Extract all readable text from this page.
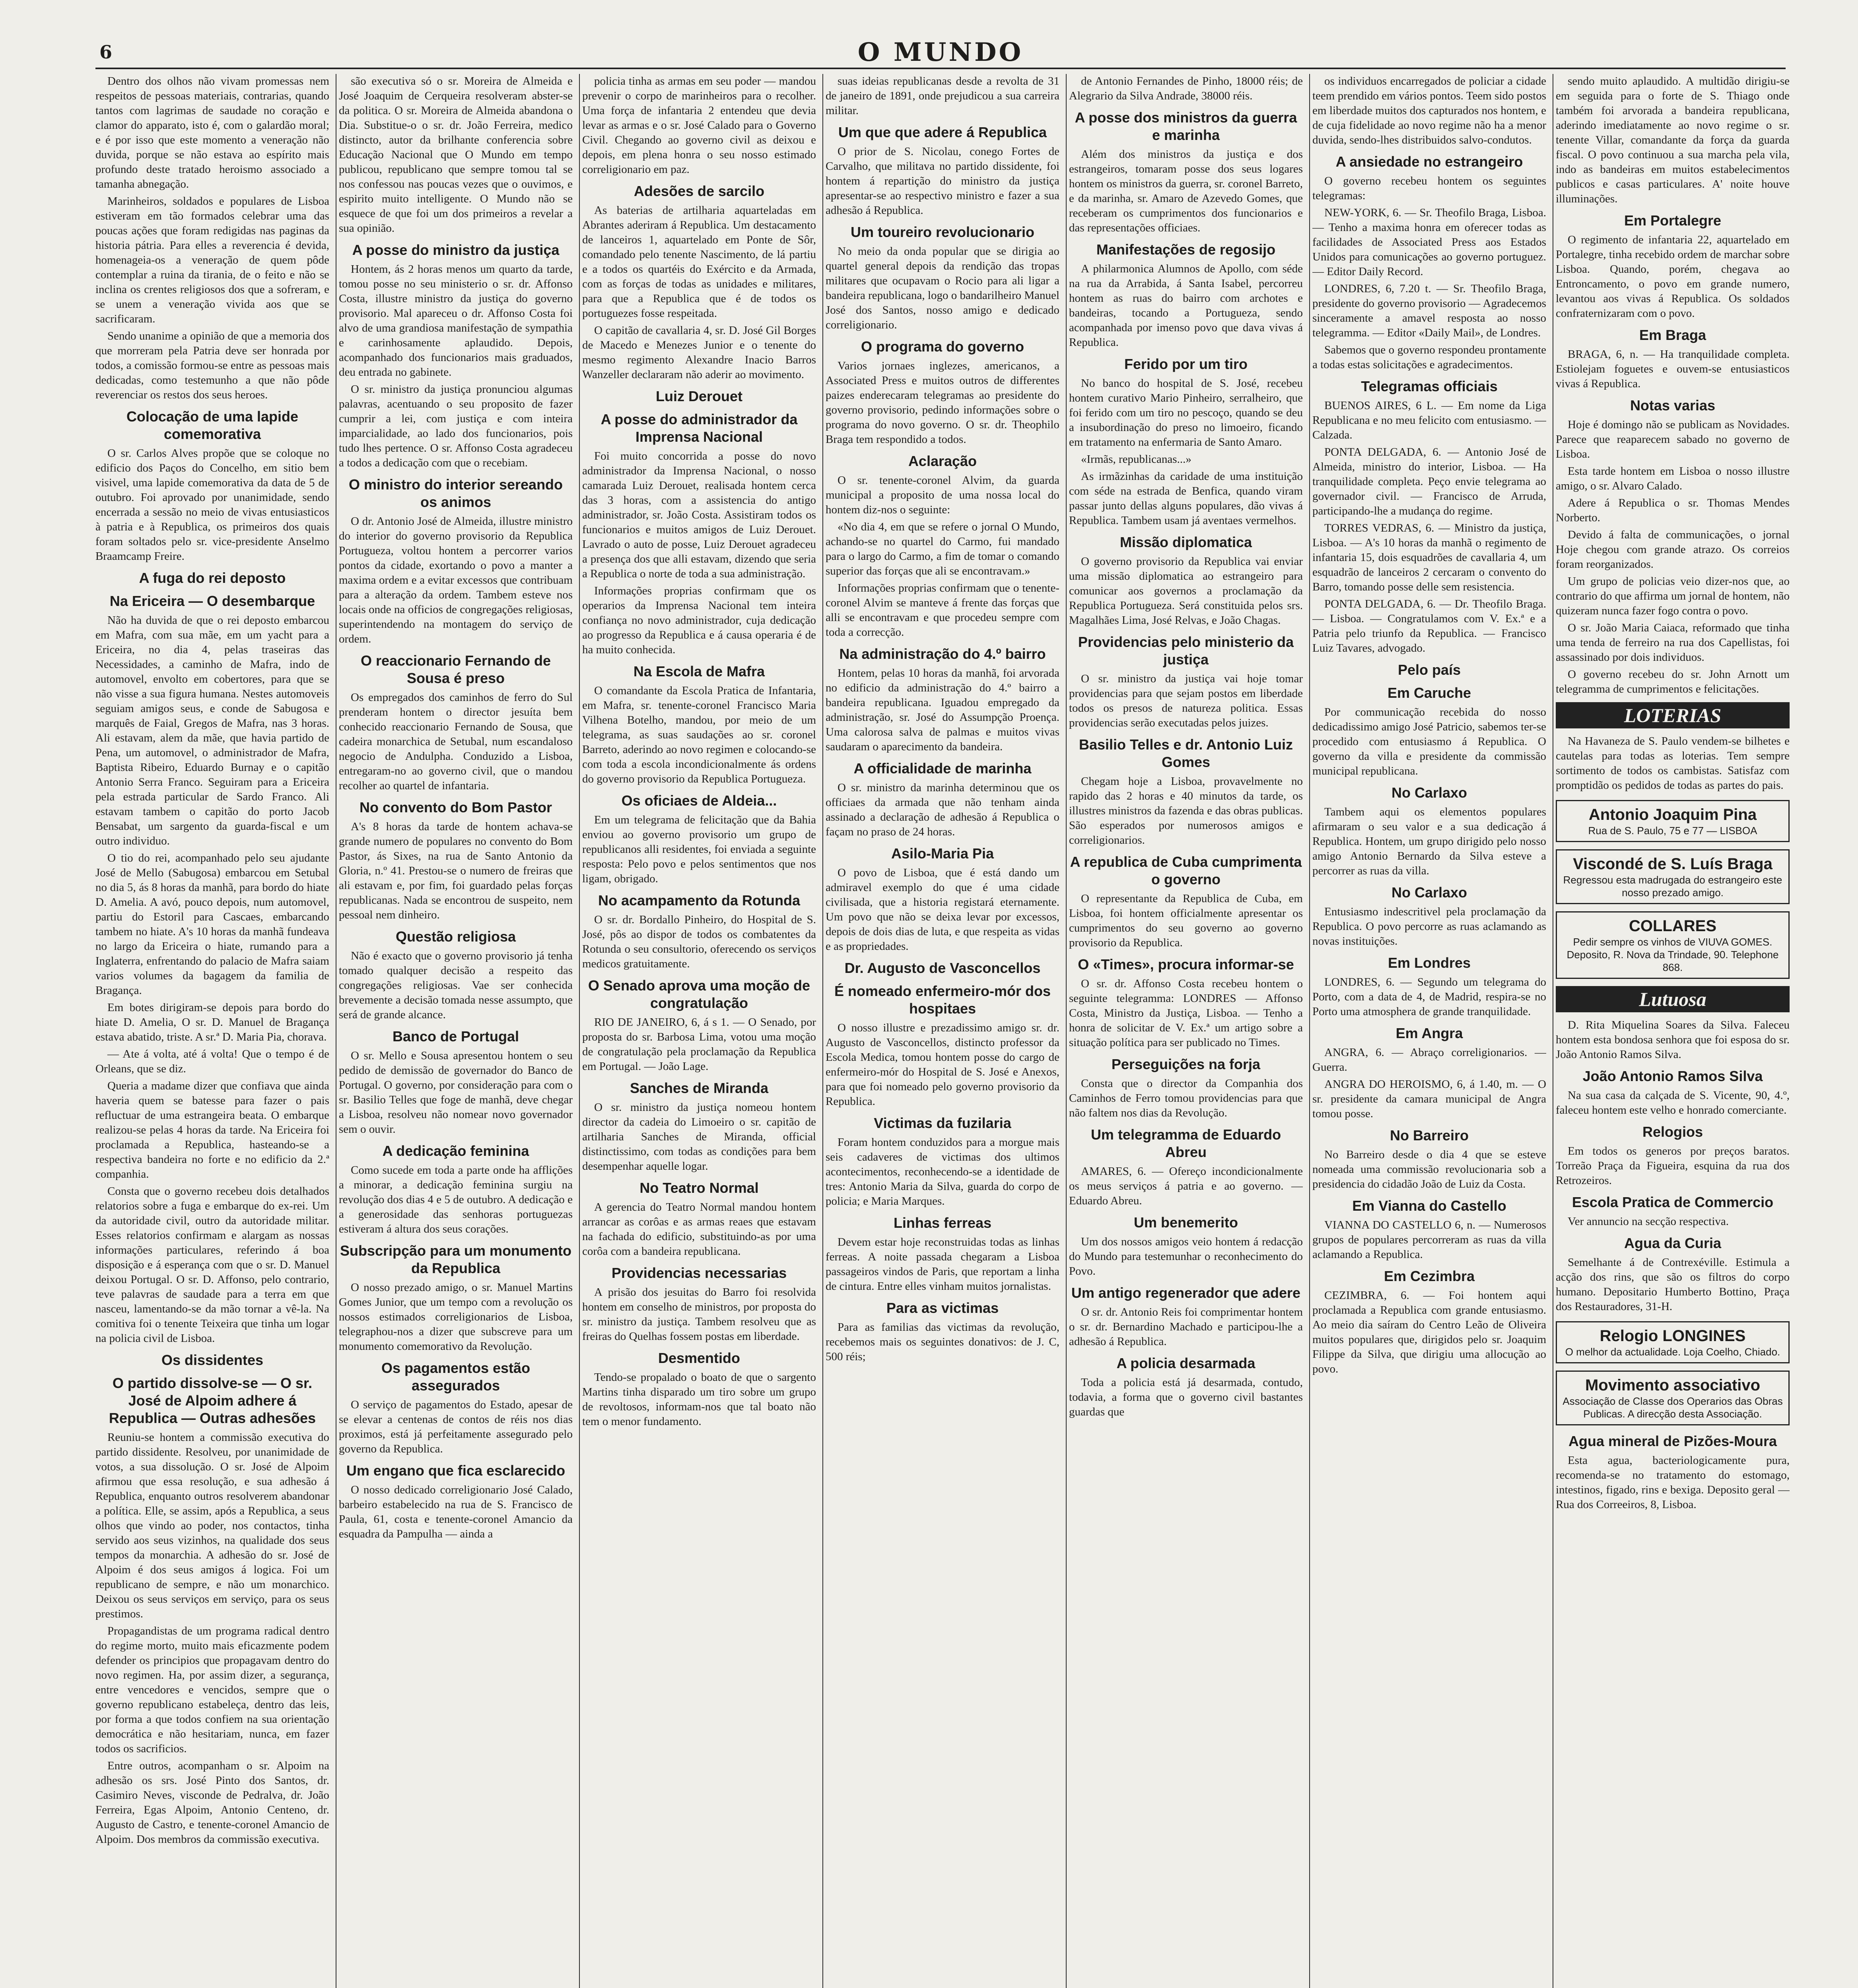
6	O MUNDO

Dentro dos olhos não vivam promessas nem respeitos de pessoas materiais, contrarias, quando tantos com lagrimas de saudade no coração e clamor do apparato, isto é, com o galardão moral; e é por isso que este momento a veneração não duvida, porque se não estava ao espírito mais profundo deste tratado heroismo associado a tamanha abnegação.

Marinheiros, soldados e populares de Lisboa estiveram em tão formados celebrar uma das poucas ações que foram redigidas nas paginas da historia pátria. Para elles a reverencia é devida, homenageia-os a veneração de quem pôde contemplar a ruina da tirania, de o feito e não se inclina os crentes religiosos dos que a sofreram, e se unem a veneração vivida aos que se sacrificaram.

Sendo unanime a opinião de que a memoria dos que morreram pela Patria deve ser honrada por todos, a comissão formou-se entre as pessoas mais dedicadas, como testemunho a que não pôde reverenciar os restos dos seus heroes.

Colocação de uma lapide comemorativa

O sr. Carlos Alves propõe que se coloque no edificio dos Paços do Concelho, em sitio bem visivel, uma lapide comemorativa da data de 5 de outubro. Foi aprovado por unanimidade, sendo encerrada a sessão no meio de vivas entusiasticos à patria e à Republica, os primeiros dos quais foram soltados pelo sr. vice-presidente Anselmo Braamcamp Freire.

A fuga do rei deposto
Na Ericeira — O desembarque

Não ha duvida de que o rei deposto embarcou em Mafra, com sua mãe, em um yacht para a Ericeira, no dia 4, pelas traseiras das Necessidades, a caminho de Mafra, indo de automovel, envolto em cobertores, para que se não visse a sua figura humana. Nestes automoveis seguiam amigos seus, e conde de Sabugosa e marquês de Faial, Gregos de Mafra, nas 3 horas. Ali estavam, alem da mãe, que havia partido de Pena, um automovel, o administrador de Mafra, Baptista Ribeiro, Eduardo Burnay e o capitão Antonio Serra Franco. Seguiram para a Ericeira pela estrada particular de Sardo Franco. Ali estavam tambem o capitão do porto Jacob Bensabat, um sargento da guarda-fiscal e um outro individuo.

O tio do rei, acompanhado pelo seu ajudante José de Mello (Sabugosa) embarcou em Setubal no dia 5, ás 8 horas da manhã, para bordo do hiate D. Amelia. A avó, pouco depois, num automovel, partiu do Estoril para Cascaes, embarcando tambem no hiate. A's 10 horas da manhã fundeava no largo da Ericeira o hiate, rumando para a Inglaterra, enfrentando do palacio de Mafra saiam varios volumes da bagagem da familia de Bragança.

Em botes dirigiram-se depois para bordo do hiate D. Amelia, O sr. D. Manuel de Bragança estava abatido, triste. A sr.ª D. Maria Pia, chorava.

— Ate á volta, até á volta! Que o tempo é de Orleans, que se diz.

Queria a madame dizer que confiava que ainda haveria quem se batesse para fazer o pais refluctuar de uma estrangeira beata. O embarque realizou-se pelas 4 horas da tarde. Na Ericeira foi proclamada a Republica, hasteando-se a respectiva bandeira no forte e no edificio da 2.ª companhia.

Consta que o governo recebeu dois detalhados relatorios sobre a fuga e embarque do ex-rei. Um da autoridade civil, outro da autoridade militar. Esses relatorios confirmam e alargam as nossas informações particulares, referindo á boa disposição e á esperança com que o sr. D. Manuel deixou Portugal. O sr. D. Affonso, pelo contrario, teve palavras de saudade para a terra em que nasceu, lamentando-se da mão tornar a vê-la. Na comitiva foi o tenente Teixeira que tinha um logar na policia civil de Lisboa.

Os dissidentes
O partido dissolve-se — O sr. José de Alpoim adhere á Republica — Outras adhesões

Reuniu-se hontem a commissão executiva do partido dissidente. Resolveu, por unanimidade de votos, a sua dissolução. O sr. José de Alpoim afirmou que essa resolução, e sua adhesão á Republica, enquanto outros resolverem abandonar a política. Elle, se assim, após a Republica, a seus olhos que vindo ao poder, nos contactos, tinha servido aos seus vizinhos, na qualidade dos seus tempos da monarchia. A adhesão do sr. José de Alpoim é dos seus amigos á logica. Foi um republicano de sempre, e não um monarchico. Deixou os seus serviços em serviço, para os seus prestimos.

Propagandistas de um programa radical dentro do regime morto, muito mais eficazmente podem defender os principios que propagavam dentro do novo regimen. Ha, por assim dizer, a segurança, entre vencedores e vencidos, sempre que o governo republicano estabeleça, dentro das leis, por forma a que todos confiem na sua orientação democrática e não hesitariam, nunca, em fazer todos os sacrificios.

Entre outros, acompanham o sr. Alpoim na adhesão os srs. José Pinto dos Santos, dr. Casimiro Neves, visconde de Pedralva, dr. João Ferreira, Egas Alpoim, Antonio Centeno, dr. Augusto de Castro, e tenente-coronel Amancio de Alpoim. Dos membros da commissão executiva.

são executiva só o sr. Moreira de Almeida e José Joaquim de Cerqueira resolveram abster-se da politica. O sr. Moreira de Almeida abandona o Dia. Substitue-o o sr. dr. João Ferreira, medico distincto, autor da brilhante conferencia sobre Educação Nacional que O Mundo em tempo publicou, republicano que sempre tomou tal se nos confessou nas poucas vezes que o ouvimos, e espirito muito intelligente. O Mundo não se esquece de que foi um dos primeiros a revelar a sua opinião.

A posse do ministro da justiça

Hontem, ás 2 horas menos um quarto da tarde, tomou posse no seu ministerio o sr. dr. Affonso Costa, illustre ministro da justiça do governo provisorio. Mal apareceu o dr. Affonso Costa foi alvo de uma grandiosa manifestação de sympathia e carinhosamente aplaudido. Depois, acompanhado dos funcionarios mais graduados, deu entrada no gabinete.

O sr. ministro da justiça pronunciou algumas palavras, acentuando o seu proposito de fazer cumprir a lei, com justiça e com inteira imparcialidade, ao lado dos funcionarios, pois tudo lhes pertence. O sr. Affonso Costa agradeceu a todos a dedicação com que o recebiam.

O ministro do interior sereando os animos

O dr. Antonio José de Almeida, illustre ministro do interior do governo provisorio da Republica Portugueza, voltou hontem a percorrer varios pontos da cidade, exortando o povo a manter a maxima ordem e a evitar excessos que contribuam para a alteração da ordem. Tambem esteve nos locais onde na officios de congregações religiosas, superintendendo na montagem do serviço de ordem.

O reaccionario Fernando de Sousa é preso

Os empregados dos caminhos de ferro do Sul prenderam hontem o director jesuíta bem conhecido reaccionario Fernando de Sousa, que cadeira monarchica de Setubal, num escandaloso negocio de Andulpha. Conduzido a Lisboa, entregaram-no ao governo civil, que o mandou recolher ao quartel de infantaria.

No convento do Bom Pastor

A's 8 horas da tarde de hontem achava-se grande numero de populares no convento do Bom Pastor, ás Sixes, na rua de Santo Antonio da Gloria, n.º 41. Prestou-se o numero de freiras que ali estavam e, por fim, foi guardado pelas forças republicanas. Nada se encontrou de suspeito, nem pessoal nem dinheiro.

Questão religiosa

Não é exacto que o governo provisorio já tenha tomado qualquer decisão a respeito das congregações religiosas. Vae ser conhecida brevemente a decisão tomada nesse assumpto, que será de grande alcance.

Banco de Portugal

O sr. Mello e Sousa apresentou hontem o seu pedido de demissão de governador do Banco de Portugal. O governo, por consideração para com o sr. Basilio Telles que foge de manhã, deve chegar a Lisboa, resolveu não nomear novo governador sem o ouvir.

A dedicação feminina

Como sucede em toda a parte onde ha afflições a minorar, a dedicação feminina surgiu na revolução dos dias 4 e 5 de outubro. A dedicação e a generosidade das senhoras portuguezas estiveram á altura dos seus corações.

Subscripção para um monumento da Republica

O nosso prezado amigo, o sr. Manuel Martins Gomes Junior, que um tempo com a revolução os nossos estimados correligionarios de Lisboa, telegraphou-nos a dizer que subscreve para um monumento comemorativo da Revolução.

Os pagamentos estão assegurados

O serviço de pagamentos do Estado, apesar de se elevar a centenas de contos de réis nos dias proximos, está já perfeitamente assegurado pelo governo da Republica.

Um engano que fica esclarecido

O nosso dedicado correligionario José Calado, barbeiro estabelecido na rua de S. Francisco de Paula, 61, costa e tenente-coronel Amancio da esquadra da Pampulha — ainda a

policia tinha as armas em seu poder — mandou prevenir o corpo de marinheiros para o recolher. Uma força de infantaria 2 entendeu que devia levar as armas e o sr. José Calado para o Governo Civil. Chegando ao governo civil as deixou e depois, em plena honra o seu nosso estimado correligionario em paz.

Adesões de sarcilo

As baterias de artilharia aquarteladas em Abrantes aderiram á Republica. Um destacamento de lanceiros 1, aquartelado em Ponte de Sôr, comandado pelo tenente Nascimento, de lá partiu e a todos os quartéis do Exército e da Armada, com as forças de todas as unidades e militares, para que a Republica que é de todos os portuguezes fosse respeitada.

O capitão de cavallaria 4, sr. D. José Gil Borges de Macedo e Menezes Junior e o tenente do mesmo regimento Alexandre Inacio Barros Wanzeller declararam não aderir ao movimento.

Luiz Derouet
A posse do administrador da Imprensa Nacional

Foi muito concorrida a posse do novo administrador da Imprensa Nacional, o nosso camarada Luiz Derouet, realisada hontem cerca das 3 horas, com a assistencia do antigo administrador, sr. João Costa. Assistiram todos os funcionarios e muitos amigos de Luiz Derouet. Lavrado o auto de posse, Luiz Derouet agradeceu a presença dos que alli estavam, dizendo que seria a Republica o norte de toda a sua administração.

Informações proprias confirmam que os operarios da Imprensa Nacional tem inteira confiança no novo administrador, cuja dedicação ao progresso da Republica e á causa operaria é de ha muito conhecida.

Na Escola de Mafra

O comandante da Escola Pratica de Infantaria, em Mafra, sr. tenente-coronel Francisco Maria Vilhena Botelho, mandou, por meio de um telegrama, as suas saudações ao sr. coronel Barreto, aderindo ao novo regimen e colocando-se com toda a escola incondicionalmente ás ordens do governo provisorio da Republica Portugueza.

Os oficiaes de Aldeia...

Em um telegrama de felicitação que da Bahia enviou ao governo provisorio um grupo de republicanos alli residentes, foi enviada a seguinte resposta: Pelo povo e pelos sentimentos que nos ligam, obrigado.

No acampamento da Rotunda

O sr. dr. Bordallo Pinheiro, do Hospital de S. José, pôs ao dispor de todos os combatentes da Rotunda o seu consultorio, oferecendo os serviços medicos gratuitamente.

O Senado aprova uma moção de congratulação

RIO DE JANEIRO, 6, á s 1. — O Senado, por proposta do sr. Barbosa Lima, votou uma moção de congratulação pela proclamação da Republica em Portugal. — João Lage.

Sanches de Miranda

O sr. ministro da justiça nomeou hontem director da cadeia do Limoeiro o sr. capitão de artilharia Sanches de Miranda, official distinctissimo, com todas as condições para bem desempenhar aquelle logar.

No Teatro Normal

A gerencia do Teatro Normal mandou hontem arrancar as corôas e as armas reaes que estavam na fachada do edificio, substituindo-as por uma corôa com a bandeira republicana.

Providencias necessarias

A prisão dos jesuitas do Barro foi resolvida hontem em conselho de ministros, por proposta do sr. ministro da justiça. Tambem resolveu que as freiras do Quelhas fossem postas em liberdade.

Desmentido

Tendo-se propalado o boato de que o sargento Martins tinha disparado um tiro sobre um grupo de revoltosos, informam-nos que tal boato não tem o menor fundamento.

suas ideias republicanas desde a revolta de 31 de janeiro de 1891, onde prejudicou a sua carreira militar.

Um que que adere á Republica

O prior de S. Nicolau, conego Fortes de Carvalho, que militava no partido dissidente, foi hontem á repartição do ministro da justiça apresentar-se ao respectivo ministro e fazer a sua adhesão á Republica.

Um toureiro revolucionario

No meio da onda popular que se dirigia ao quartel general depois da rendição das tropas militares que ocupavam o Rocio para ali ligar a bandeira republicana, logo o bandarilheiro Manuel José dos Santos, nosso amigo e dedicado correligionario.

O programa do governo

Varios jornaes inglezes, americanos, a Associated Press e muitos outros de differentes paizes enderecaram telegramas ao presidente do governo provisorio, pedindo informações sobre o programa do novo governo. O sr. dr. Theophilo Braga tem respondido a todos.

Aclaração

O sr. tenente-coronel Alvim, da guarda municipal a proposito de uma nossa local do hontem diz-nos o seguinte:

«No dia 4, em que se refere o jornal O Mundo, achando-se no quartel do Carmo, fui mandado para o largo do Carmo, a fim de tomar o comando superior das forças que ali se encontravam.»

Informações proprias confirmam que o tenente-coronel Alvim se manteve á frente das forças que alli se encontravam e que procedeu sempre com toda a correcção.

Na administração do 4.º bairro

Hontem, pelas 10 horas da manhã, foi arvorada no edificio da administração do 4.º bairro a bandeira republicana. Iguadou empregado da administração, sr. José do Assumpção Proença. Uma calorosa salva de palmas e muitos vivas saudaram o aparecimento da bandeira.

A officialidade de marinha

O sr. ministro da marinha determinou que os officiaes da armada que não tenham ainda assinado a declaração de adhesão á Republica o façam no praso de 24 horas.

Asilo-Maria Pia

O povo de Lisboa, que é está dando um admiravel exemplo do que é uma cidade civilisada, que a historia registará eternamente. Um povo que não se deixa levar por excessos, depois de dois dias de luta, e que respeita as vidas e as propriedades.

Dr. Augusto de Vasconcellos
É nomeado enfermeiro-mór dos hospitaes

O nosso illustre e prezadissimo amigo sr. dr. Augusto de Vasconcellos, distincto professor da Escola Medica, tomou hontem posse do cargo de enfermeiro-mór do Hospital de S. José e Anexos, para que foi nomeado pelo governo provisorio da Republica.

Victimas da fuzilaria

Foram hontem conduzidos para a morgue mais seis cadaveres de victimas dos ultimos acontecimentos, reconhecendo-se a identidade de tres: Antonio Maria da Silva, guarda do corpo de policia; e Maria Marques.

Linhas ferreas

Devem estar hoje reconstruidas todas as linhas ferreas. A noite passada chegaram a Lisboa passageiros vindos de Paris, que reportam a linha de cintura. Entre elles vinham muitos jornalistas.

Para as victimas

Para as familias das victimas da revolução, recebemos mais os seguintes donativos: de J. C, 500 réis;

de Antonio Fernandes de Pinho, 18000 réis; de Alegrario da Silva Andrade, 38000 réis.

A posse dos ministros da guerra e marinha

Além dos ministros da justiça e dos estrangeiros, tomaram posse dos seus logares hontem os ministros da guerra, sr. coronel Barreto, e da marinha, sr. Amaro de Azevedo Gomes, que receberam os cumprimentos dos funcionarios e das representações officiaes.

Manifestações de regosijo

A philarmonica Alumnos de Apollo, com séde na rua da Arrabida, á Santa Isabel, percorreu hontem as ruas do bairro com archotes e bandeiras, tocando a Portugueza, sendo acompanhada por imenso povo que dava vivas á Republica.

Ferido por um tiro

No banco do hospital de S. José, recebeu hontem curativo Mario Pinheiro, serralheiro, que foi ferido com um tiro no pescoço, quando se deu a insubordinação do preso no limoeiro, ficando em tratamento na enfermaria de Santo Amaro.

«Irmãs, republicanas...»

As irmãzinhas da caridade de uma instituição com séde na estrada de Benfica, quando viram passar junto dellas alguns populares, dão vivas á Republica. Tambem usam já aventaes vermelhos.

Missão diplomatica

O governo provisorio da Republica vai enviar uma missão diplomatica ao estrangeiro para comunicar aos governos a proclamação da Republica Portugueza. Será constituida pelos srs. Magalhães Lima, José Relvas, e João Chagas.

Providencias pelo ministerio da justiça

O sr. ministro da justiça vai hoje tomar providencias para que sejam postos em liberdade todos os presos de natureza politica. Essas providencias serão executadas pelos juizes.

Basilio Telles e dr. Antonio Luiz Gomes

Chegam hoje a Lisboa, provavelmente no rapido das 2 horas e 40 minutos da tarde, os illustres ministros da fazenda e das obras publicas. São esperados por numerosos amigos e correligionarios.

A republica de Cuba cumprimenta o governo

O representante da Republica de Cuba, em Lisboa, foi hontem officialmente apresentar os cumprimentos do seu governo ao governo provisorio da Republica.

O «Times», procura informar-se

O sr. dr. Affonso Costa recebeu hontem o seguinte telegramma: LONDRES — Affonso Costa, Ministro da Justiça, Lisboa. — Tenho a honra de solicitar de V. Ex.ª um artigo sobre a situação política para ser publicado no Times.

Perseguições na forja

Consta que o director da Companhia dos Caminhos de Ferro tomou providencias para que não faltem nos dias da Revolução.

Um telegramma de Eduardo Abreu

AMARES, 6. — Ofereço incondicionalmente os meus serviços á patria e ao governo. — Eduardo Abreu.

Um benemerito

Um dos nossos amigos veio hontem á redacção do Mundo para testemunhar o reconhecimento do Povo.

Um antigo regenerador que adere

O sr. dr. Antonio Reis foi comprimentar hontem o sr. dr. Bernardino Machado e participou-lhe a adhesão á Republica.

A policia desarmada

Toda a policia está já desarmada, contudo, todavia, a forma que o governo civil bastantes guardas que

os individuos encarregados de policiar a cidade teem prendido em vários pontos. Teem sido postos em liberdade muitos dos capturados nos hontem, e de cuja fidelidade ao novo regime não ha a menor duvida, sendo-lhes distribuidos salvo-condutos.

A ansiedade no estrangeiro

O governo recebeu hontem os seguintes telegramas:

NEW-YORK, 6. — Sr. Theofilo Braga, Lisboa. — Tenho a maxima honra em oferecer todas as facilidades de Associated Press aos Estados Unidos para comunicações ao governo portuguez. — Editor Daily Record.

LONDRES, 6, 7.20 t. — Sr. Theofilo Braga, presidente do governo provisorio — Agradecemos sinceramente a amavel resposta ao nosso telegramma. — Editor «Daily Mail», de Londres.

Sabemos que o governo respondeu prontamente a todas estas solicitações e agradecimentos.

Telegramas officiais

BUENOS AIRES, 6 L. — Em nome da Liga Republicana e no meu felicito com entusiasmo. — Calzada.

PONTA DELGADA, 6. — Antonio José de Almeida, ministro do interior, Lisboa. — Ha tranquilidade completa. Peço envie telegrama ao governador civil. — Francisco de Arruda, participando-lhe a mudança do regime.

TORRES VEDRAS, 6. — Ministro da justiça, Lisboa. — A's 10 horas da manhã o regimento de infantaria 15, dois esquadrões de cavallaria 4, um esquadrão de lanceiros 2 cercaram o convento do Barro, tomando posse delle sem resistencia.

PONTA DELGADA, 6. — Dr. Theofilo Braga. — Lisboa. — Congratulamos com V. Ex.ª e a Patria pelo triunfo da Republica. — Francisco Luiz Tavares, advogado.

Pelo país
Em Caruche

Por communicação recebida do nosso dedicadissimo amigo José Patricio, sabemos ter-se procedido com entusiasmo á Republica. O governo da villa e presidente da commissão municipal republicana.

No Carlaxo

Tambem aqui os elementos populares afirmaram o seu valor e a sua dedicação á Republica. Hontem, um grupo dirigido pelo nosso amigo Antonio Bernardo da Silva esteve a percorrer as ruas da villa.

No Carlaxo

Entusiasmo indescritivel pela proclamação da Republica. O povo percorre as ruas aclamando as novas instituições.

Em Londres

LONDRES, 6. — Segundo um telegrama do Porto, com a data de 4, de Madrid, respira-se no Porto uma atmosphera de grande tranquilidade.

Em Angra

ANGRA, 6. — Abraço correligionarios. — Guerra.

ANGRA DO HEROISMO, 6, á 1.40, m. — O sr. presidente da camara municipal de Angra tomou posse.

No Barreiro

No Barreiro desde o dia 4 que se esteve nomeada uma commissão revolucionaria sob a presidencia do cidadão João de Luiz da Costa.

Em Vianna do Castello

VIANNA DO CASTELLO 6, n. — Numerosos grupos de populares percorreram as ruas da villa aclamando a Republica.

Em Cezimbra

CEZIMBRA, 6. — Foi hontem aqui proclamada a Republica com grande entusiasmo. Ao meio dia saíram do Centro Leão de Oliveira muitos populares que, dirigidos pelo sr. Joaquim Filippe da Silva, que dirigiu uma allocução ao povo.

sendo muito aplaudido. A multidão dirigiu-se em seguida para o forte de S. Thiago onde também foi arvorada a bandeira republicana, aderindo imediatamente ao novo regime o sr. tenente Villar, comandante da força da guarda fiscal. O povo continuou a sua marcha pela vila, indo as bandeiras em muitos estabelecimentos publicos e casas particulares. A' noite houve illuminações.

Em Portalegre

O regimento de infantaria 22, aquartelado em Portalegre, tinha recebido ordem de marchar sobre Lisboa. Quando, porém, chegava ao Entroncamento, o povo em grande numero, levantou aos vivas á Republica. Os soldados confraternizaram com o povo.

Em Braga

BRAGA, 6, n. — Ha tranquilidade completa. Estiolejam foguetes e ouvem-se entusiasticos vivas á Republica.

Notas varias

Hoje é domingo não se publicam as Novidades. Parece que reaparecem sabado no governo de Lisboa.

Esta tarde hontem em Lisboa o nosso illustre amigo, o sr. Alvaro Calado.

Adere á Republica o sr. Thomas Mendes Norberto.

Devido á falta de communicações, o jornal Hoje chegou com grande atrazo. Os correios foram reorganizados.

Um grupo de policias veio dizer-nos que, ao contrario do que affirma um jornal de hontem, não quizeram nunca fazer fogo contra o povo.

O sr. João Maria Caiaca, reformado que tinha uma tenda de ferreiro na rua dos Capellistas, foi assassinado por dois individuos.

O governo recebeu do sr. John Arnott um telegramma de cumprimentos e felicitações.

LOTERIAS

Na Havaneza de S. Paulo vendem-se bilhetes e cautelas para todas as loterias. Tem sempre sortimento de todos os cambistas. Satisfaz com promptidão os pedidos de todas as partes do pais.

Antonio Joaquim Pina
Rua de S. Paulo, 75 e 77 — LISBOA
Viscondé de S. Luís Braga
Regressou esta madrugada do estrangeiro este nosso prezado amigo.
COLLARES
Pedir sempre os vinhos de VIUVA GOMES. Deposito, R. Nova da Trindade, 90. Telephone 868.
Lutuosa

D. Rita Miquelina Soares da Silva. Faleceu hontem esta bondosa senhora que foi esposa do sr. João Antonio Ramos Silva.

João Antonio Ramos Silva

Na sua casa da calçada de S. Vicente, 90, 4.º, faleceu hontem este velho e honrado comerciante.

Relogios

Em todos os generos por preços baratos. Torreão Praça da Figueira, esquina da rua dos Retrozeiros.

Escola Pratica de Commercio

Ver annuncio na secção respectiva.

Agua da Curia

Semelhante á de Contrexéville. Estimula a acção dos rins, que são os filtros do corpo humano. Depositario Humberto Bottino, Praça dos Restauradores, 31-H.

Relogio LONGINES
O melhor da actualidade. Loja Coelho, Chiado.
Movimento associativo
Associação de Classe dos Operarios das Obras Publicas. A direcção desta Associação.
Agua mineral de Pizões-Moura

Esta agua, bacteriologicamente pura, recomenda-se no tratamento do estomago, intestinos, figado, rins e bexiga. Deposito geral — Rua dos Correeiros, 8, Lisboa.
